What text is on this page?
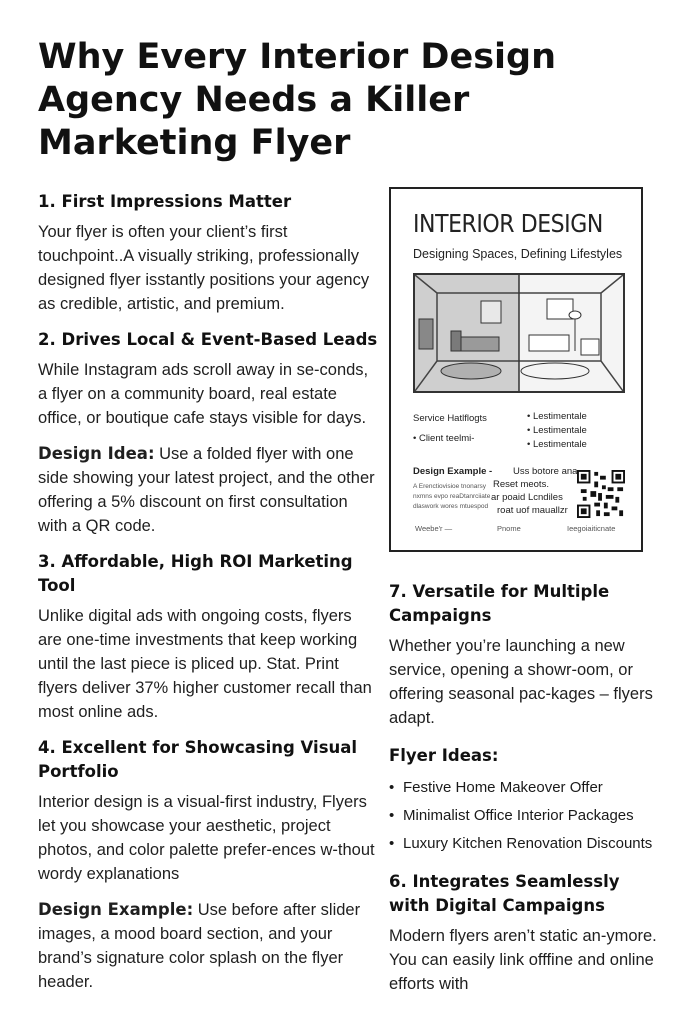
Why Every Interior Design Agency Needs a Killer Marketing Flyer

1. First Impressions Matter

Your flyer is often your client’s first touchpoint..A visually striking, professionally designed flyer isstantly positions your agency as credible, artistic, and premium.

2. Drives Local & Event-Based Leads

While Instagram ads scroll away in se-conds, a flyer on a community board, real estate office, or boutique cafe stays visible for days.

Design Idea: Use a folded flyer with one side showing your latest project, and the other offering a 5% discount on first consultation with a QR code.

3. Affordable, High ROI Marketing Tool

Unlike digital ads with ongoing costs, flyers are one-time investments that keep working until the last piece is pliced up. Stat. Print flyers deliver 37% higher customer recall than most online ads.

4. Excellent for Showcasing Visual Portfolio

Interior design is a visual-first industry, Flyers let you showcase your aesthetic, project photos, and color palette prefer-ences w-thout wordy explanations

Design Example: Use before after slider images, a mood board section, and your brand’s signature color splash on the flyer header.

INTERIOR DESIGN
Designing Spaces, Defining Lifestyles
Service Hatlflogts
• Client teelmi-
• Lestimentale
• Lestimentale
• Lestimentale
Design Example - Uss botore ana
Reset meots.
ar poaid Lcndiles
roat uof mauallzr
A Erenctiovisioe tnonarsy
nxmns evpo reaDtanrciiate
dlaswork wores mtuespod
Weebe'r —	Pnome	Ieegoiaiticnate

7. Versatile for Multiple Campaigns

Whether you’re launching a new service, opening a showr-oom, or offering seasonal pac-kages – flyers adapt.

Flyer Ideas:

• Festive Home Makeover Offer
• Minimalist Office Interior Packages
• Luxury Kitchen Renovation Discounts

6. Integrates Seamlessly with Digital Campaigns

Modern flyers aren’t static an-ymore. You can easily link offfine and online efforts with
